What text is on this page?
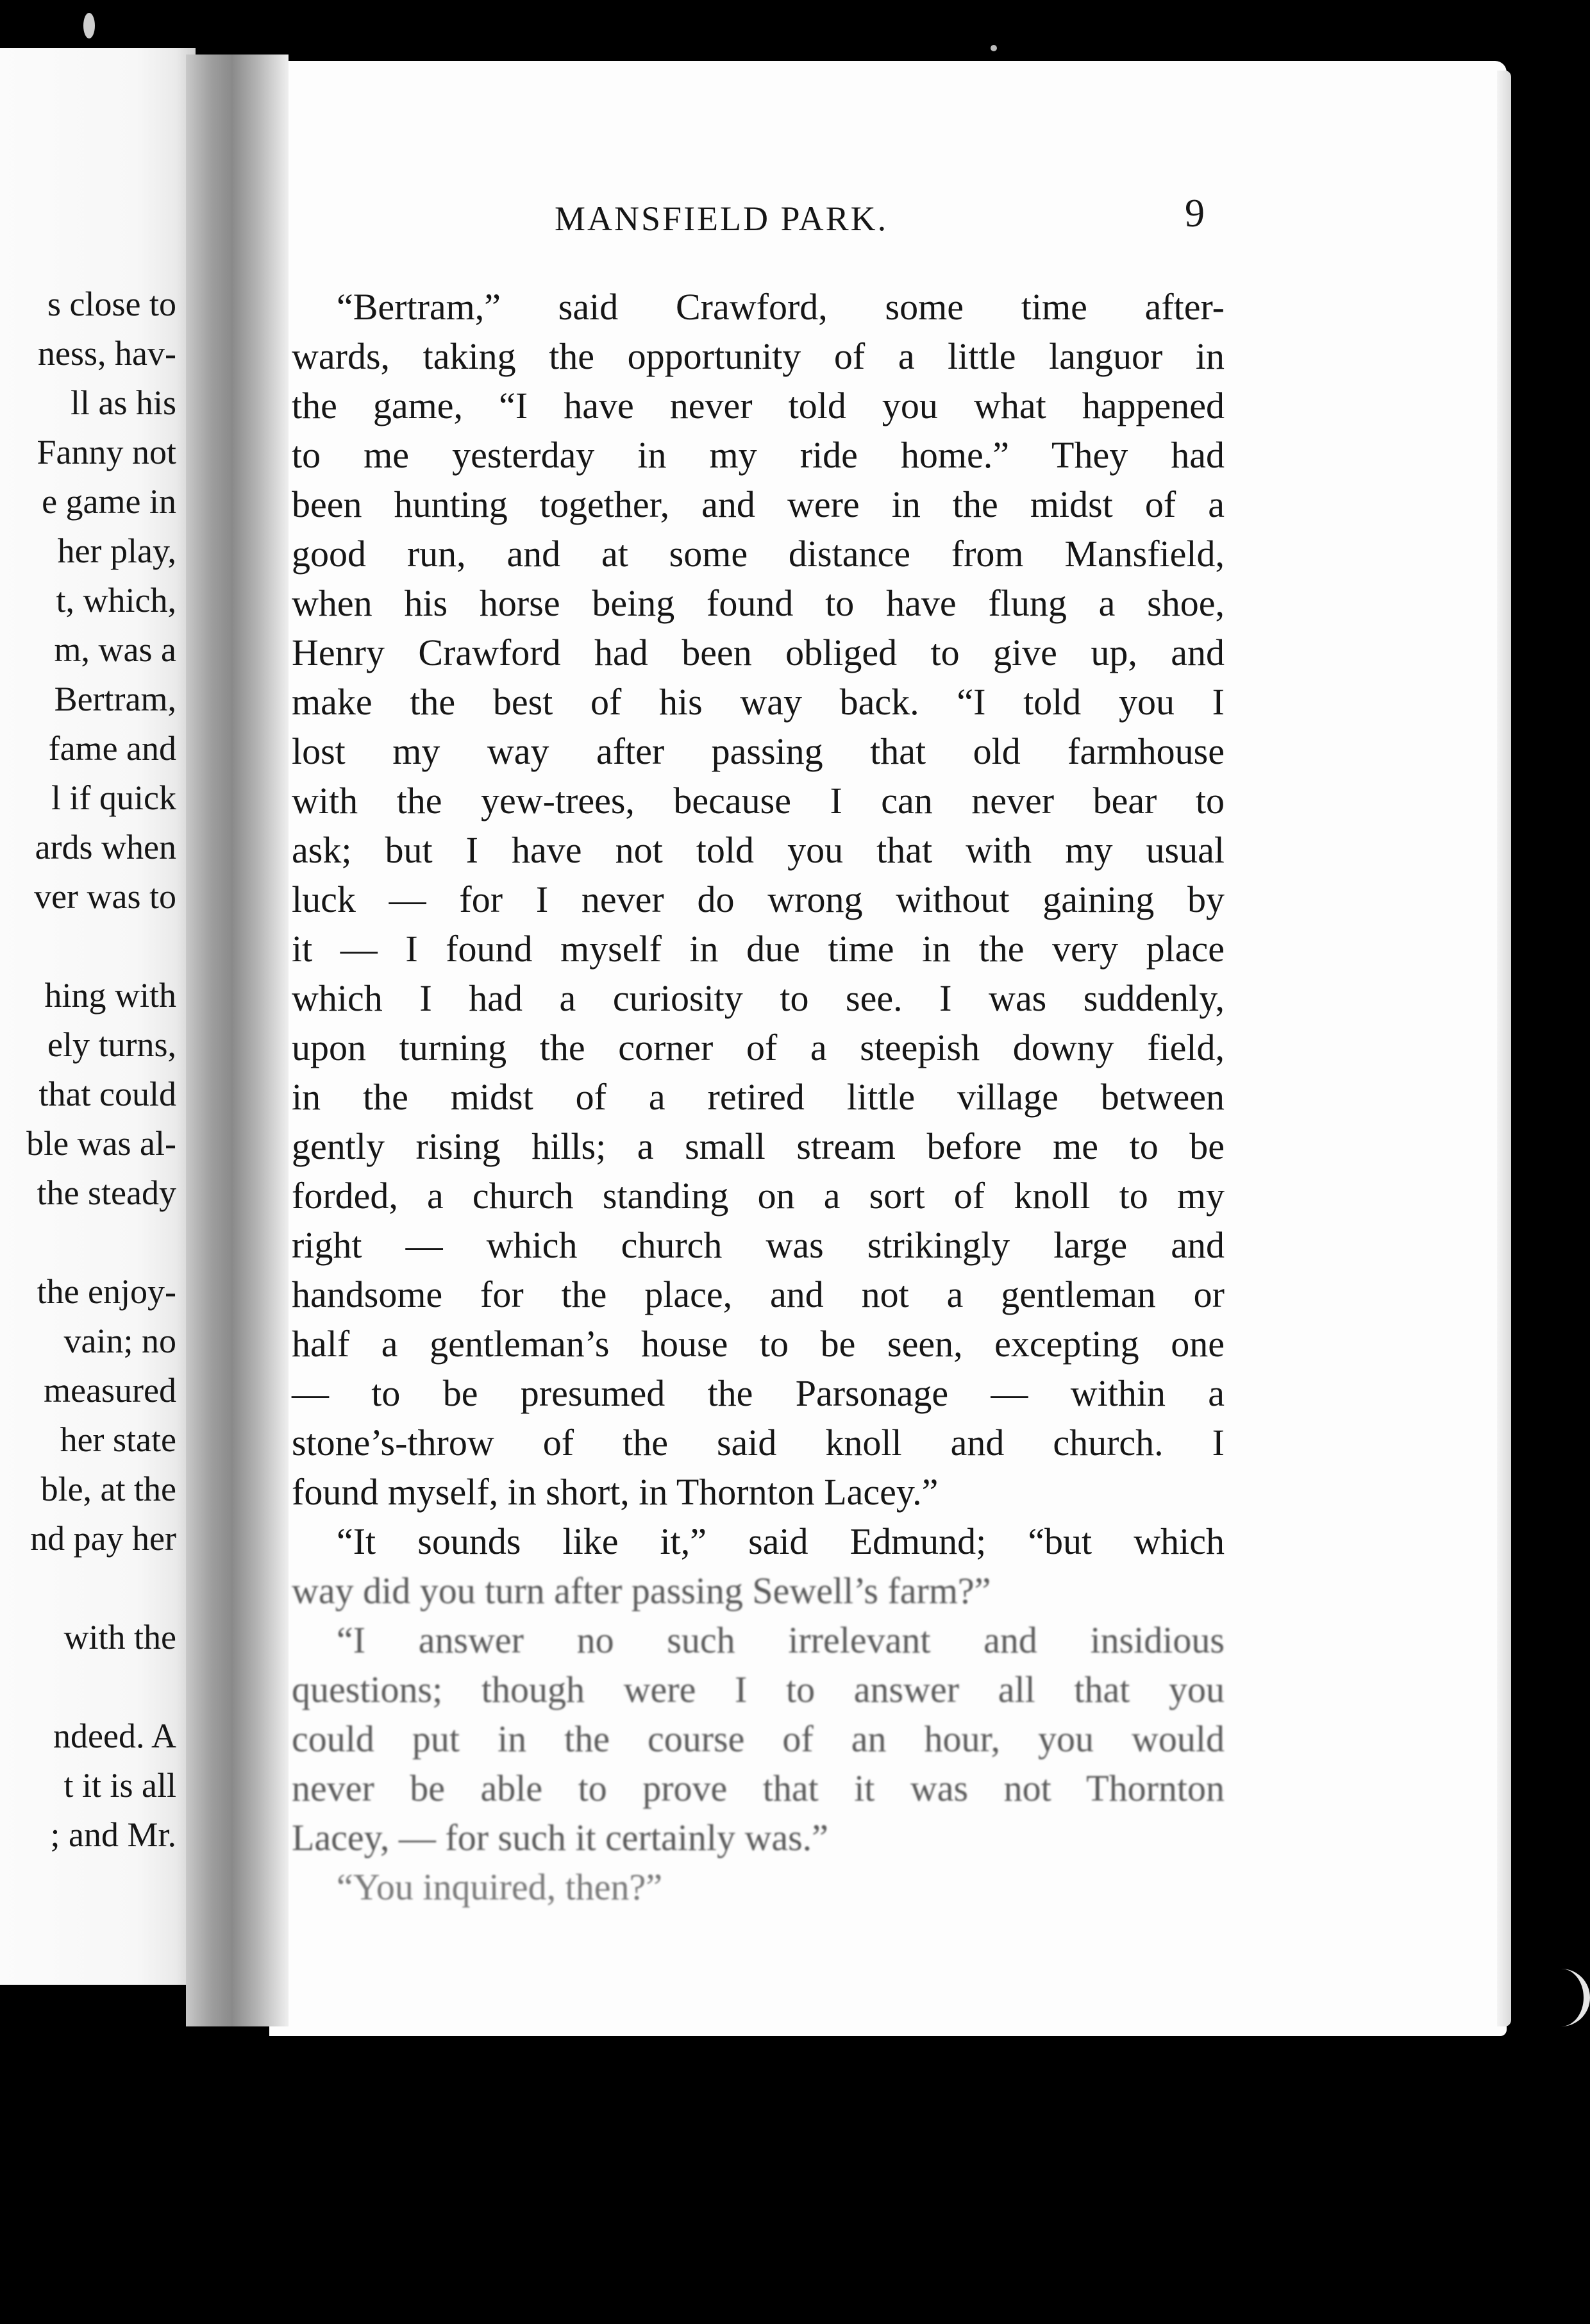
s close to
ness, hav-
ll as his
Fanny not
e game in
her play,
t, which,
m, was a
Bertram,
fame and
l if quick
ards when
ver was to
hing with
ely turns,
that could
ble was al-
the steady
the enjoy-
vain; no
measured
her state
ble, at the
nd pay her
with the
ndeed. A
t it is all
; and Mr.
MANSFIELD PARK.	9
“Bertram,” said Crawford, some time after-
wards, taking the opportunity of a little languor in
the game, “I have never told you what happened
to me yesterday in my ride home.” They had
been hunting together, and were in the midst of a
good run, and at some distance from Mansfield,
when his horse being found to have flung a shoe,
Henry Crawford had been obliged to give up, and
make the best of his way back. “I told you I
lost my way after passing that old farmhouse
with the yew-trees, because I can never bear to
ask; but I have not told you that with my usual
luck — for I never do wrong without gaining by
it — I found myself in due time in the very place
which I had a curiosity to see. I was suddenly,
upon turning the corner of a steepish downy field,
in the midst of a retired little village between
gently rising hills; a small stream before me to be
forded, a church standing on a sort of knoll to my
right — which church was strikingly large and
handsome for the place, and not a gentleman or
half a gentleman’s house to be seen, excepting one
— to be presumed the Parsonage — within a
stone’s-throw of the said knoll and church. I
found myself, in short, in Thornton Lacey.”
“It sounds like it,” said Edmund; “but which
way did you turn after passing Sewell’s farm?”
“I answer no such irrelevant and insidious
questions; though were I to answer all that you
could put in the course of an hour, you would
never be able to prove that it was not Thornton
Lacey, — for such it certainly was.”
“You inquired, then?”
